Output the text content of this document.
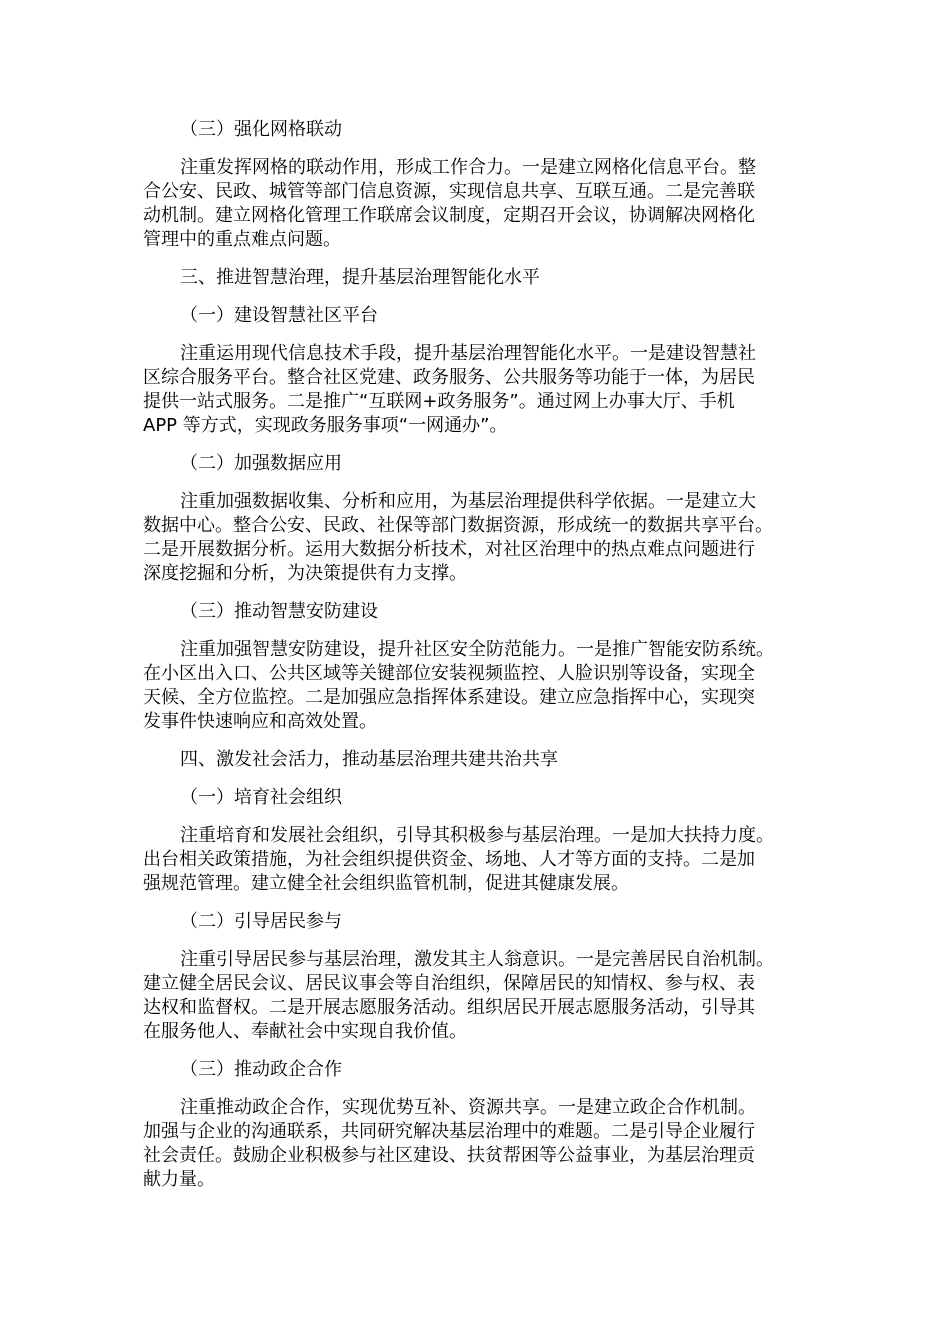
（三）强化网格联动
注重发挥网格的联动作用，形成工作合力。一是建立网格化信息平台。整
合公安、民政、城管等部门信息资源，实现信息共享、互联互通。二是完善联
动机制。建立网格化管理工作联席会议制度，定期召开会议，协调解决网格化
管理中的重点难点问题。
三、推进智慧治理，提升基层治理智能化水平
（一）建设智慧社区平台
注重运用现代信息技术手段，提升基层治理智能化水平。一是建设智慧社
区综合服务平台。整合社区党建、政务服务、公共服务等功能于一体，为居民
提供一站式服务。二是推广“互联网+政务服务”。通过网上办事大厅、手机
APP 等方式，实现政务服务事项“一网通办”。
（二）加强数据应用
注重加强数据收集、分析和应用，为基层治理提供科学依据。一是建立大
数据中心。整合公安、民政、社保等部门数据资源，形成统一的数据共享平台。
二是开展数据分析。运用大数据分析技术，对社区治理中的热点难点问题进行
深度挖掘和分析，为决策提供有力支撑。
（三）推动智慧安防建设
注重加强智慧安防建设，提升社区安全防范能力。一是推广智能安防系统。
在小区出入口、公共区域等关键部位安装视频监控、人脸识别等设备，实现全
天候、全方位监控。二是加强应急指挥体系建设。建立应急指挥中心，实现突
发事件快速响应和高效处置。
四、激发社会活力，推动基层治理共建共治共享
（一）培育社会组织
注重培育和发展社会组织，引导其积极参与基层治理。一是加大扶持力度。
出台相关政策措施，为社会组织提供资金、场地、人才等方面的支持。二是加
强规范管理。建立健全社会组织监管机制，促进其健康发展。
（二）引导居民参与
注重引导居民参与基层治理，激发其主人翁意识。一是完善居民自治机制。
建立健全居民会议、居民议事会等自治组织，保障居民的知情权、参与权、表
达权和监督权。二是开展志愿服务活动。组织居民开展志愿服务活动，引导其
在服务他人、奉献社会中实现自我价值。
（三）推动政企合作
注重推动政企合作，实现优势互补、资源共享。一是建立政企合作机制。
加强与企业的沟通联系，共同研究解决基层治理中的难题。二是引导企业履行
社会责任。鼓励企业积极参与社区建设、扶贫帮困等公益事业，为基层治理贡
献力量。
